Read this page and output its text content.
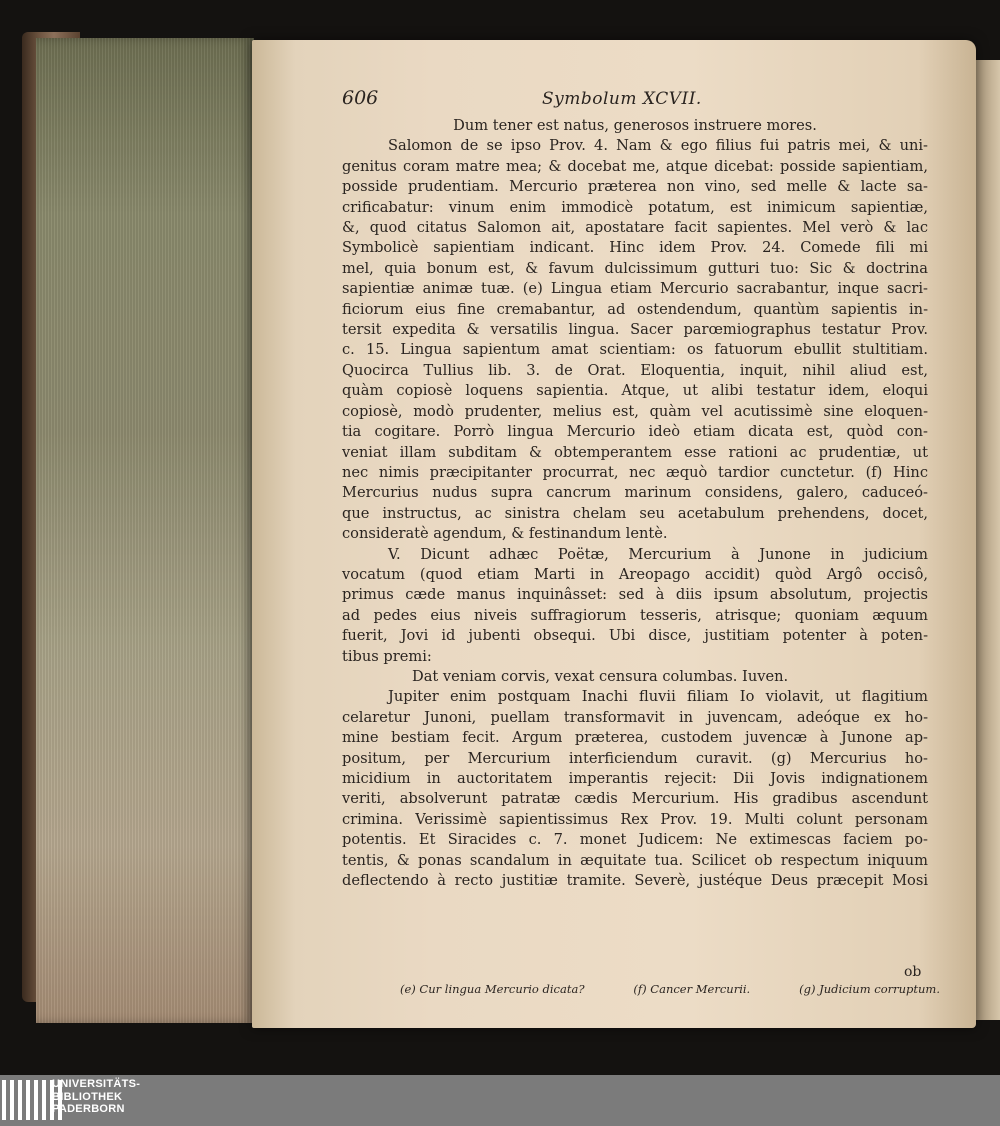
606	Symbolum XCVII.
Dum tener est natus, generosos instruere mores.
Salomon de se ipso Prov. 4. Nam & ego filius fui patris mei, & uni-
genitus coram matre mea; & docebat me, atque dicebat: posside sapientiam,
posside prudentiam. Mercurio præterea non vino, sed melle & lacte sa-
crificabatur: vinum enim immodicè potatum, est inimicum sapientiæ,
&, quod citatus Salomon ait, apostatare facit sapientes. Mel verò & lac
Symbolicè sapientiam indicant. Hinc idem Prov. 24. Comede fili mi
mel, quia bonum est, & favum dulcissimum gutturi tuo: Sic & doctrina
sapientiæ animæ tuæ. (e) Lingua etiam Mercurio sacrabantur, inque sacri-
ficiorum eius fine cremabantur, ad ostendendum, quantùm sapientis in-
tersit expedita & versatilis lingua. Sacer parœmiographus testatur Prov.
c. 15. Lingua sapientum amat scientiam: os fatuorum ebullit stultitiam.
Quocirca Tullius lib. 3. de Orat. Eloquentia, inquit, nihil aliud est,
quàm copiosè loquens sapientia. Atque, ut alibi testatur idem, eloqui
copiosè, modò prudenter, melius est, quàm vel acutissimè sine eloquen-
tia cogitare. Porrò lingua Mercurio ideò etiam dicata est, quòd con-
veniat illam subditam & obtemperantem esse rationi ac prudentiæ, ut
nec nimis præcipitanter procurrat, nec æquò tardior cunctetur. (f) Hinc
Mercurius nudus supra cancrum marinum considens, galero, caduceó-
que instructus, ac sinistra chelam seu acetabulum prehendens, docet,
consideratè agendum, & festinandum lentè.
V. Dicunt adhæc Poëtæ, Mercurium à Junone in judicium
vocatum (quod etiam Marti in Areopago accidit) quòd Argô occisô,
primus cæde manus inquinâsset: sed à diis ipsum absolutum, projectis
ad pedes eius niveis suffragiorum tesseris, atrisque; quoniam æquum
fuerit, Jovi id jubenti obsequi. Ubi disce, justitiam potenter à poten-
tibus premi:
Dat veniam corvis, vexat censura columbas. Iuven.
Jupiter enim postquam Inachi fluvii filiam Io violavit, ut flagitium
celaretur Junoni, puellam transformavit in juvencam, adeóque ex ho-
mine bestiam fecit. Argum præterea, custodem juvencæ à Junone ap-
positum, per Mercurium interficiendum curavit. (g) Mercurius ho-
micidium in auctoritatem imperantis rejecit: Dii Jovis indignationem
veriti, absolverunt patratæ cædis Mercurium. His gradibus ascendunt
crimina. Verissimè sapientissimus Rex Prov. 19. Multi colunt personam
potentis. Et Siracides c. 7. monet Judicem: Ne extimescas faciem po-
tentis, & ponas scandalum in æquitate tua. Scilicet ob respectum iniquum
deflectendo à recto justitiæ tramite. Severè, justéque Deus præcepit Mosi
ob
(e) Cur lingua Mercurio dicata?	(f) Cancer Mercurii.	(g) Judicium corruptum.
UNIVERSITÄTS-
BIBLIOTHEK
PADERBORN
